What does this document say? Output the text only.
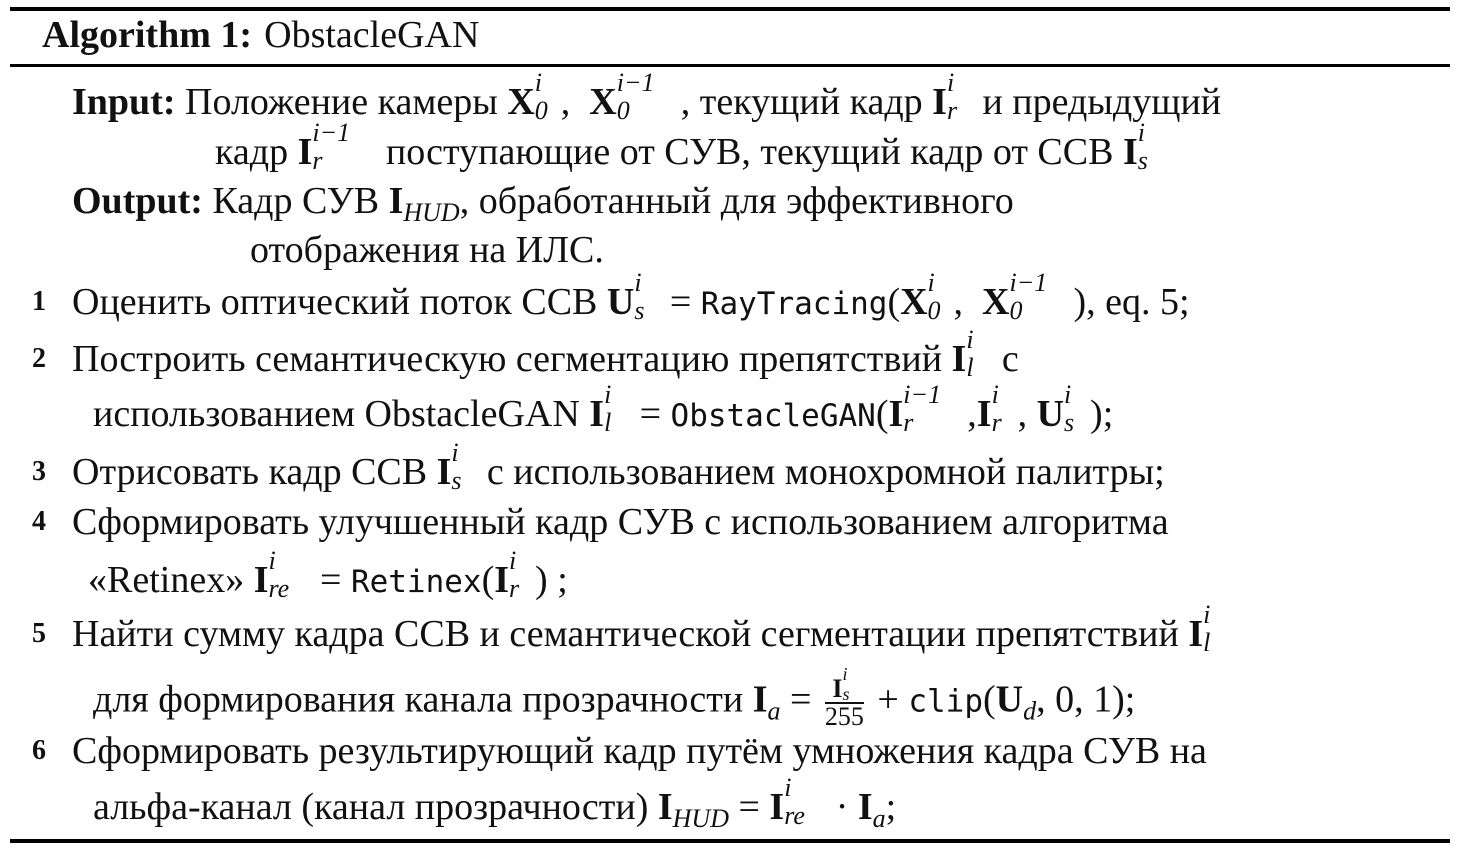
Algorithm 1: ObstacleGAN
Input: Положение камеры X i
0 ,  X i−1
0 , текущий кадр I i
r и предыдущий
кадр I i−1
r поступающие от СУВ, текущий кадр от ССВ I i
s
Output: Кадр СУВ $I_{HUD}$, обработанный для эффективного
отображения на ИЛС.
1 Оценить оптический поток ССВ U i
s = RayTracing(X i
0 ,  X i−1
0 ), eq. 5;
2 Построить семантическую сегментацию препятствий I i
l с
использованием ObstacleGAN I i
l = ObstacleGAN(I i−1
r ,I i
r , U i
s );
3 Отрисовать кадр ССВ I i
s с использованием монохромной палитры;
4 Сформировать улучшенный кадр СУВ с использованием алгоритма
«Retinex» I i
re = Retinex(I i
r ) ;
5 Найти сумму кадра ССВ и семантической сегментации препятствий I i
l
для формирования канала прозрачности $I_a = I$ i
s
$255 + clip(U_d$, 0, 1);
6 Сформировать результирующий кадр путём умножения кадра СУВ на
альфа-канал (канал прозрачности) $I_{HUD} = I$ i
re · $I_a$;
